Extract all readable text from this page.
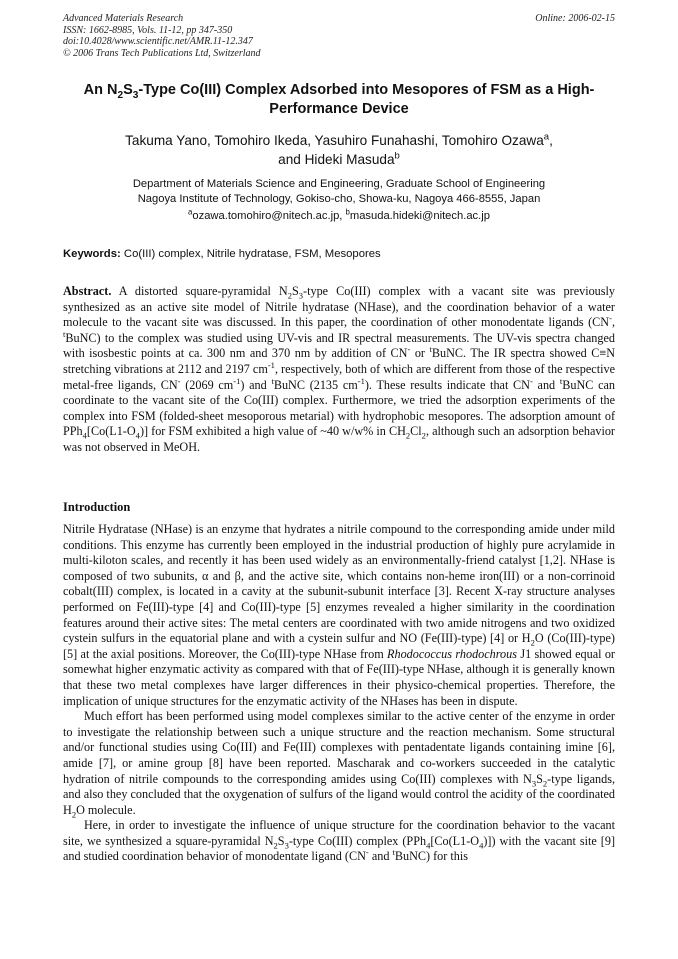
Advanced Materials Research
ISSN: 1662-8985, Vols. 11-12, pp 347-350
doi:10.4028/www.scientific.net/AMR.11-12.347
© 2006 Trans Tech Publications Ltd, Switzerland
Online: 2006-02-15
An $N_2S_3$-Type Co(III) Complex Adsorbed into Mesopores of FSM as a High-Performance Device
Takuma Yano, Tomohiro Ikeda, Yasuhiro Funahashi, Tomohiro Ozawa$^a$,
and Hideki Masuda$^b$
Department of Materials Science and Engineering, Graduate School of Engineering
Nagoya Institute of Technology, Gokiso-cho, Showa-ku, Nagoya 466-8555, Japan
$^a$ozawa.tomohiro@nitech.ac.jp, $^b$masuda.hideki@nitech.ac.jp
Keywords: Co(III) complex, Nitrile hydratase, FSM, Mesopores
Abstract. A distorted square-pyramidal $N_2S_3$-type Co(III) complex with a vacant site was previously synthesized as an active site model of Nitrile hydratase (NHase), and the coordination behavior of a water molecule to the vacant site was discussed. In this paper, the coordination of other monodentate ligands (CN-, $^t$BuNC) to the complex was studied using UV-vis and IR spectral measurements. The UV-vis spectra changed with isosbestic points at ca. 300 nm and 370 nm by addition of CN- or $^t$BuNC. The IR spectra showed C≡N stretching vibrations at 2112 and 2197 $cm^{-1}$, respectively, both of which are different from those of the respective metal-free ligands, CN- (2069 $cm^{-1}$) and $^t$BuNC (2135 $cm^{-1}$). These results indicate that CN- and $^t$BuNC can coordinate to the vacant site of the Co(III) complex. Furthermore, we tried the adsorption experiments of the complex into FSM (folded-sheet mesoporous metarial) with hydrophobic mesopores. The adsorption amount of $PPh_4[Co(L1-O_4)]$ for FSM exhibited a high value of ~40 w/w% in $CH_2Cl_2$, although such an adsorption behavior was not observed in MeOH.
Introduction

Nitrile Hydratase (NHase) is an enzyme that hydrates a nitrile compound to the corresponding amide under mild conditions. This enzyme has currently been employed in the industrial production of highly pure acrylamide in multi-kiloton scales, and recently it has been used widely as an environmentally-friend catalyst [1,2]. NHase is composed of two subunits, α and β, and the active site, which contains non-heme iron(III) or a non-corrinoid cobalt(III) complex, is located in a cavity at the subunit-subunit interface [3]. Recent X-ray structure analyses performed on Fe(III)-type [4] and Co(III)-type [5] enzymes revealed a higher similarity in the coordination features around their active sites: The metal centers are coordinated with two amide nitrogens and two oxidized cystein sulfurs in the equatorial plane and with a cystein sulfur and NO (Fe(III)-type) [4] or $H_2O$ (Co(III)-type) [5] at the axial positions. Moreover, the Co(III)-type NHase from Rhodococcus rhodochrous J1 showed equal or somewhat higher enzymatic activity as compared with that of Fe(III)-type NHase, although it is generally known that these two metal complexes have larger differences in their physico-chemical properties. Therefore, the implication of unique structures for the enzymatic activity of the NHases has been in dispute.

Much effort has been performed using model complexes similar to the active center of the enzyme in order to investigate the relationship between such a unique structure and the reaction mechanism. Some structural and/or functional studies using Co(III) and Fe(III) complexes with pentadentate ligands containing imine [6], amide [7], or amine group [8] have been reported. Mascharak and co-workers succeeded in the catalytic hydration of nitrile compounds to the corresponding amides using Co(III) complexes with $N_3S_2$-type ligands, and also they concluded that the oxygenation of sulfurs of the ligand would control the acidity of the coordinated $H_2O$ molecule.

Here, in order to investigate the influence of unique structure for the coordination behavior to the vacant site, we synthesized a square-pyramidal $N_2S_3$-type Co(III) complex $(PPh_4[Co(L1-O_4)])$ with the vacant site [9] and studied coordination behavior of monodentate ligand (CN- and $^t$BuNC) for this
